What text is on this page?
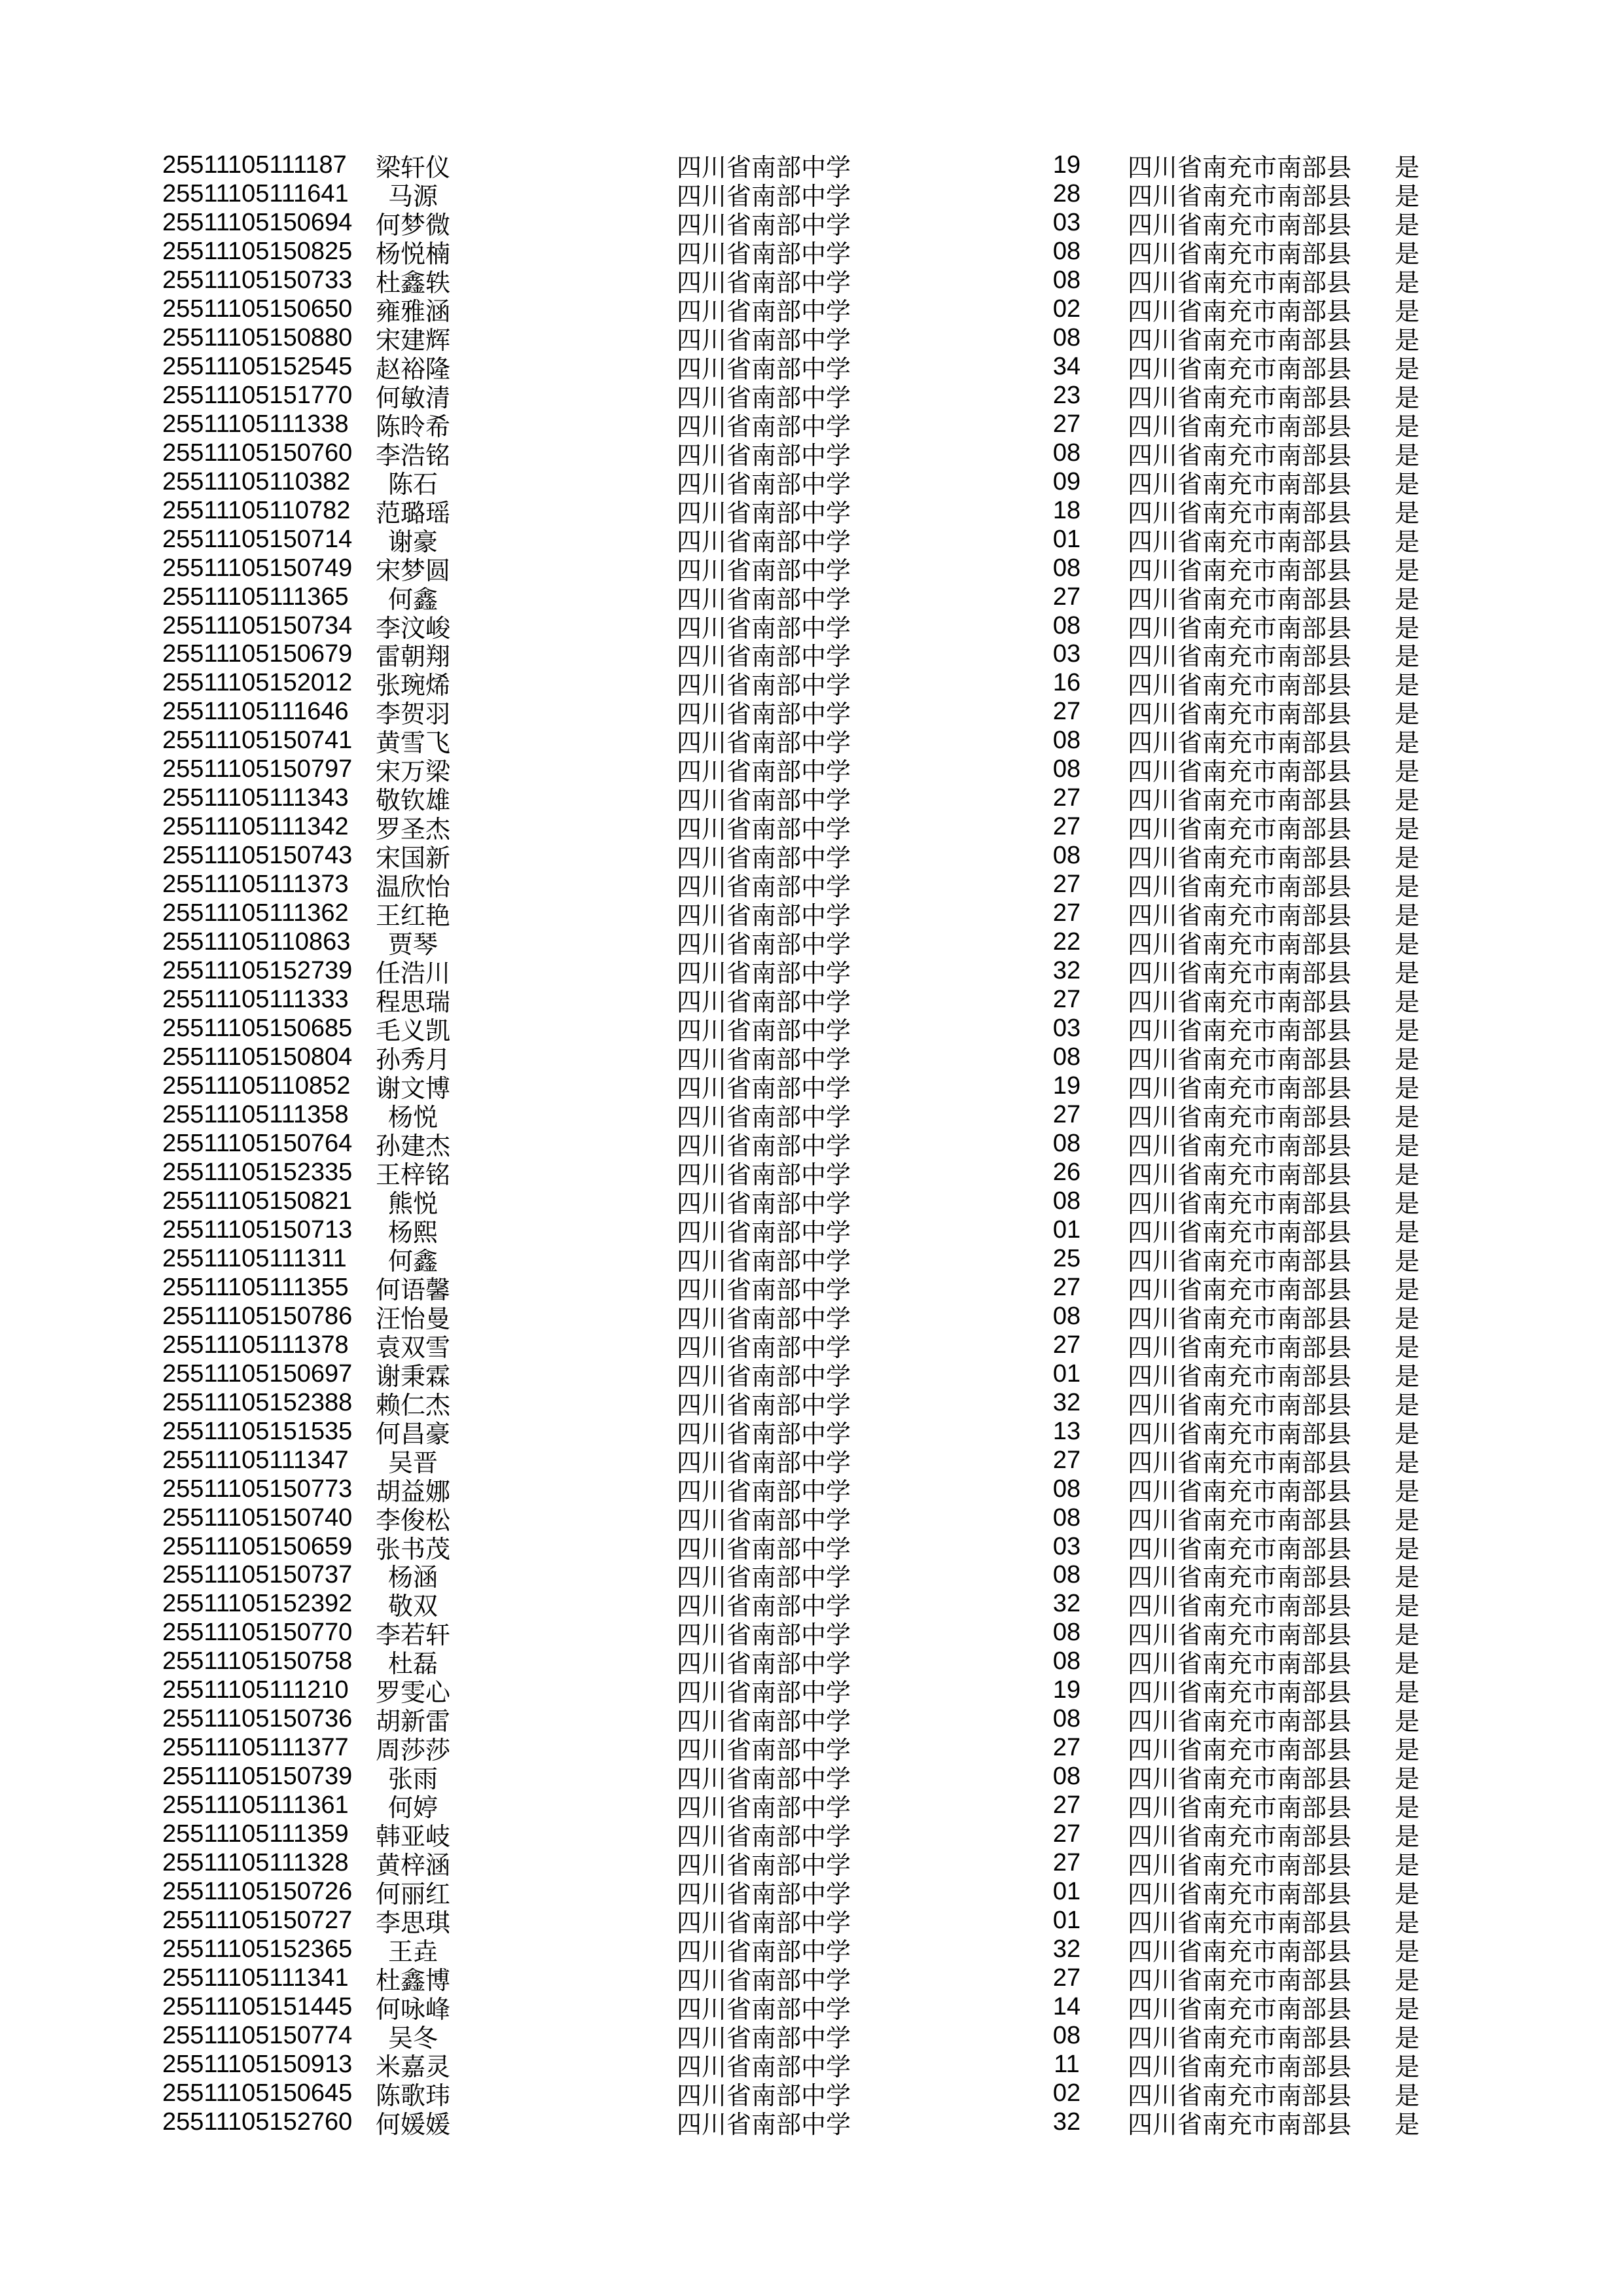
25511105111187	梁轩仪	四川省南部中学	19	四川省南充市南部县	是
25511105111641	马源	四川省南部中学	28	四川省南充市南部县	是
25511105150694 何梦微	四川省南部中学	03	四川省南充市南部县	是
25511105150825 杨悦楠	四川省南部中学	08	四川省南充市南部县	是
25511105150733 杜鑫轶	四川省南部中学	08	四川省南充市南部县	是
25511105150650 雍雅涵	四川省南部中学	02	四川省南充市南部县	是
25511105150880 宋建辉	四川省南部中学	08	四川省南充市南部县	是
25511105152545 赵裕隆	四川省南部中学	34	四川省南充市南部县	是
25511105151770 何敏清	四川省南部中学	23	四川省南充市南部县	是
25511105111338	陈昤希	四川省南部中学	27	四川省南充市南部县	是
25511105150760 李浩铭	四川省南部中学	08	四川省南充市南部县	是
25511105110382	陈石	四川省南部中学	09	四川省南充市南部县	是
25511105110782	范璐瑶	四川省南部中学	18	四川省南充市南部县	是
25511105150714	谢豪	四川省南部中学	01	四川省南充市南部县	是
25511105150749 宋梦圆	四川省南部中学	08	四川省南充市南部县	是
25511105111365	何鑫	四川省南部中学	27	四川省南充市南部县	是
25511105150734 李汶峻	四川省南部中学	08	四川省南充市南部县	是
25511105150679 雷朝翔	四川省南部中学	03	四川省南充市南部县	是
25511105152012 张琬烯	四川省南部中学	16	四川省南充市南部县	是
25511105111646	李贺羽	四川省南部中学	27	四川省南充市南部县	是
25511105150741 黄雪飞	四川省南部中学	08	四川省南充市南部县	是
25511105150797 宋万梁	四川省南部中学	08	四川省南充市南部县	是
25511105111343	敬钦雄	四川省南部中学	27	四川省南充市南部县	是
25511105111342	罗圣杰	四川省南部中学	27	四川省南充市南部县	是
25511105150743 宋国新	四川省南部中学	08	四川省南充市南部县	是
25511105111373	温欣怡	四川省南部中学	27	四川省南充市南部县	是
25511105111362	王红艳	四川省南部中学	27	四川省南充市南部县	是
25511105110863	贾琴	四川省南部中学	22	四川省南充市南部县	是
25511105152739 任浩川	四川省南部中学	32	四川省南充市南部县	是
25511105111333	程思瑞	四川省南部中学	27	四川省南充市南部县	是
25511105150685 毛义凯	四川省南部中学	03	四川省南充市南部县	是
25511105150804 孙秀月	四川省南部中学	08	四川省南充市南部县	是
25511105110852	谢文博	四川省南部中学	19	四川省南充市南部县	是
25511105111358	杨悦	四川省南部中学	27	四川省南充市南部县	是
25511105150764 孙建杰	四川省南部中学	08	四川省南充市南部县	是
25511105152335 王梓铭	四川省南部中学	26	四川省南充市南部县	是
25511105150821	熊悦	四川省南部中学	08	四川省南充市南部县	是
25511105150713	杨熙	四川省南部中学	01	四川省南充市南部县	是
25511105111311	何鑫	四川省南部中学	25	四川省南充市南部县	是
25511105111355	何语馨	四川省南部中学	27	四川省南充市南部县	是
25511105150786 汪怡曼	四川省南部中学	08	四川省南充市南部县	是
25511105111378	袁双雪	四川省南部中学	27	四川省南充市南部县	是
25511105150697 谢秉霖	四川省南部中学	01	四川省南充市南部县	是
25511105152388 赖仁杰	四川省南部中学	32	四川省南充市南部县	是
25511105151535 何昌豪	四川省南部中学	13	四川省南充市南部县	是
25511105111347	吴晋	四川省南部中学	27	四川省南充市南部县	是
25511105150773 胡益娜	四川省南部中学	08	四川省南充市南部县	是
25511105150740 李俊松	四川省南部中学	08	四川省南充市南部县	是
25511105150659 张书茂	四川省南部中学	03	四川省南充市南部县	是
25511105150737	杨涵	四川省南部中学	08	四川省南充市南部县	是
25511105152392	敬双	四川省南部中学	32	四川省南充市南部县	是
25511105150770 李若轩	四川省南部中学	08	四川省南充市南部县	是
25511105150758	杜磊	四川省南部中学	08	四川省南充市南部县	是
25511105111210	罗雯心	四川省南部中学	19	四川省南充市南部县	是
25511105150736 胡新雷	四川省南部中学	08	四川省南充市南部县	是
25511105111377	周莎莎	四川省南部中学	27	四川省南充市南部县	是
25511105150739	张雨	四川省南部中学	08	四川省南充市南部县	是
25511105111361	何婷	四川省南部中学	27	四川省南充市南部县	是
25511105111359	韩亚岐	四川省南部中学	27	四川省南充市南部县	是
25511105111328	黄梓涵	四川省南部中学	27	四川省南充市南部县	是
25511105150726 何丽红	四川省南部中学	01	四川省南充市南部县	是
25511105150727 李思琪	四川省南部中学	01	四川省南充市南部县	是
25511105152365	王垚	四川省南部中学	32	四川省南充市南部县	是
25511105111341	杜鑫博	四川省南部中学	27	四川省南充市南部县	是
25511105151445 何咏峰	四川省南部中学	14	四川省南充市南部县	是
25511105150774	吴冬	四川省南部中学	08	四川省南充市南部县	是
25511105150913 米嘉灵	四川省南部中学	11	四川省南充市南部县	是
25511105150645 陈歌玮	四川省南部中学	02	四川省南充市南部县	是
25511105152760 何媛媛	四川省南部中学	32	四川省南充市南部县	是
